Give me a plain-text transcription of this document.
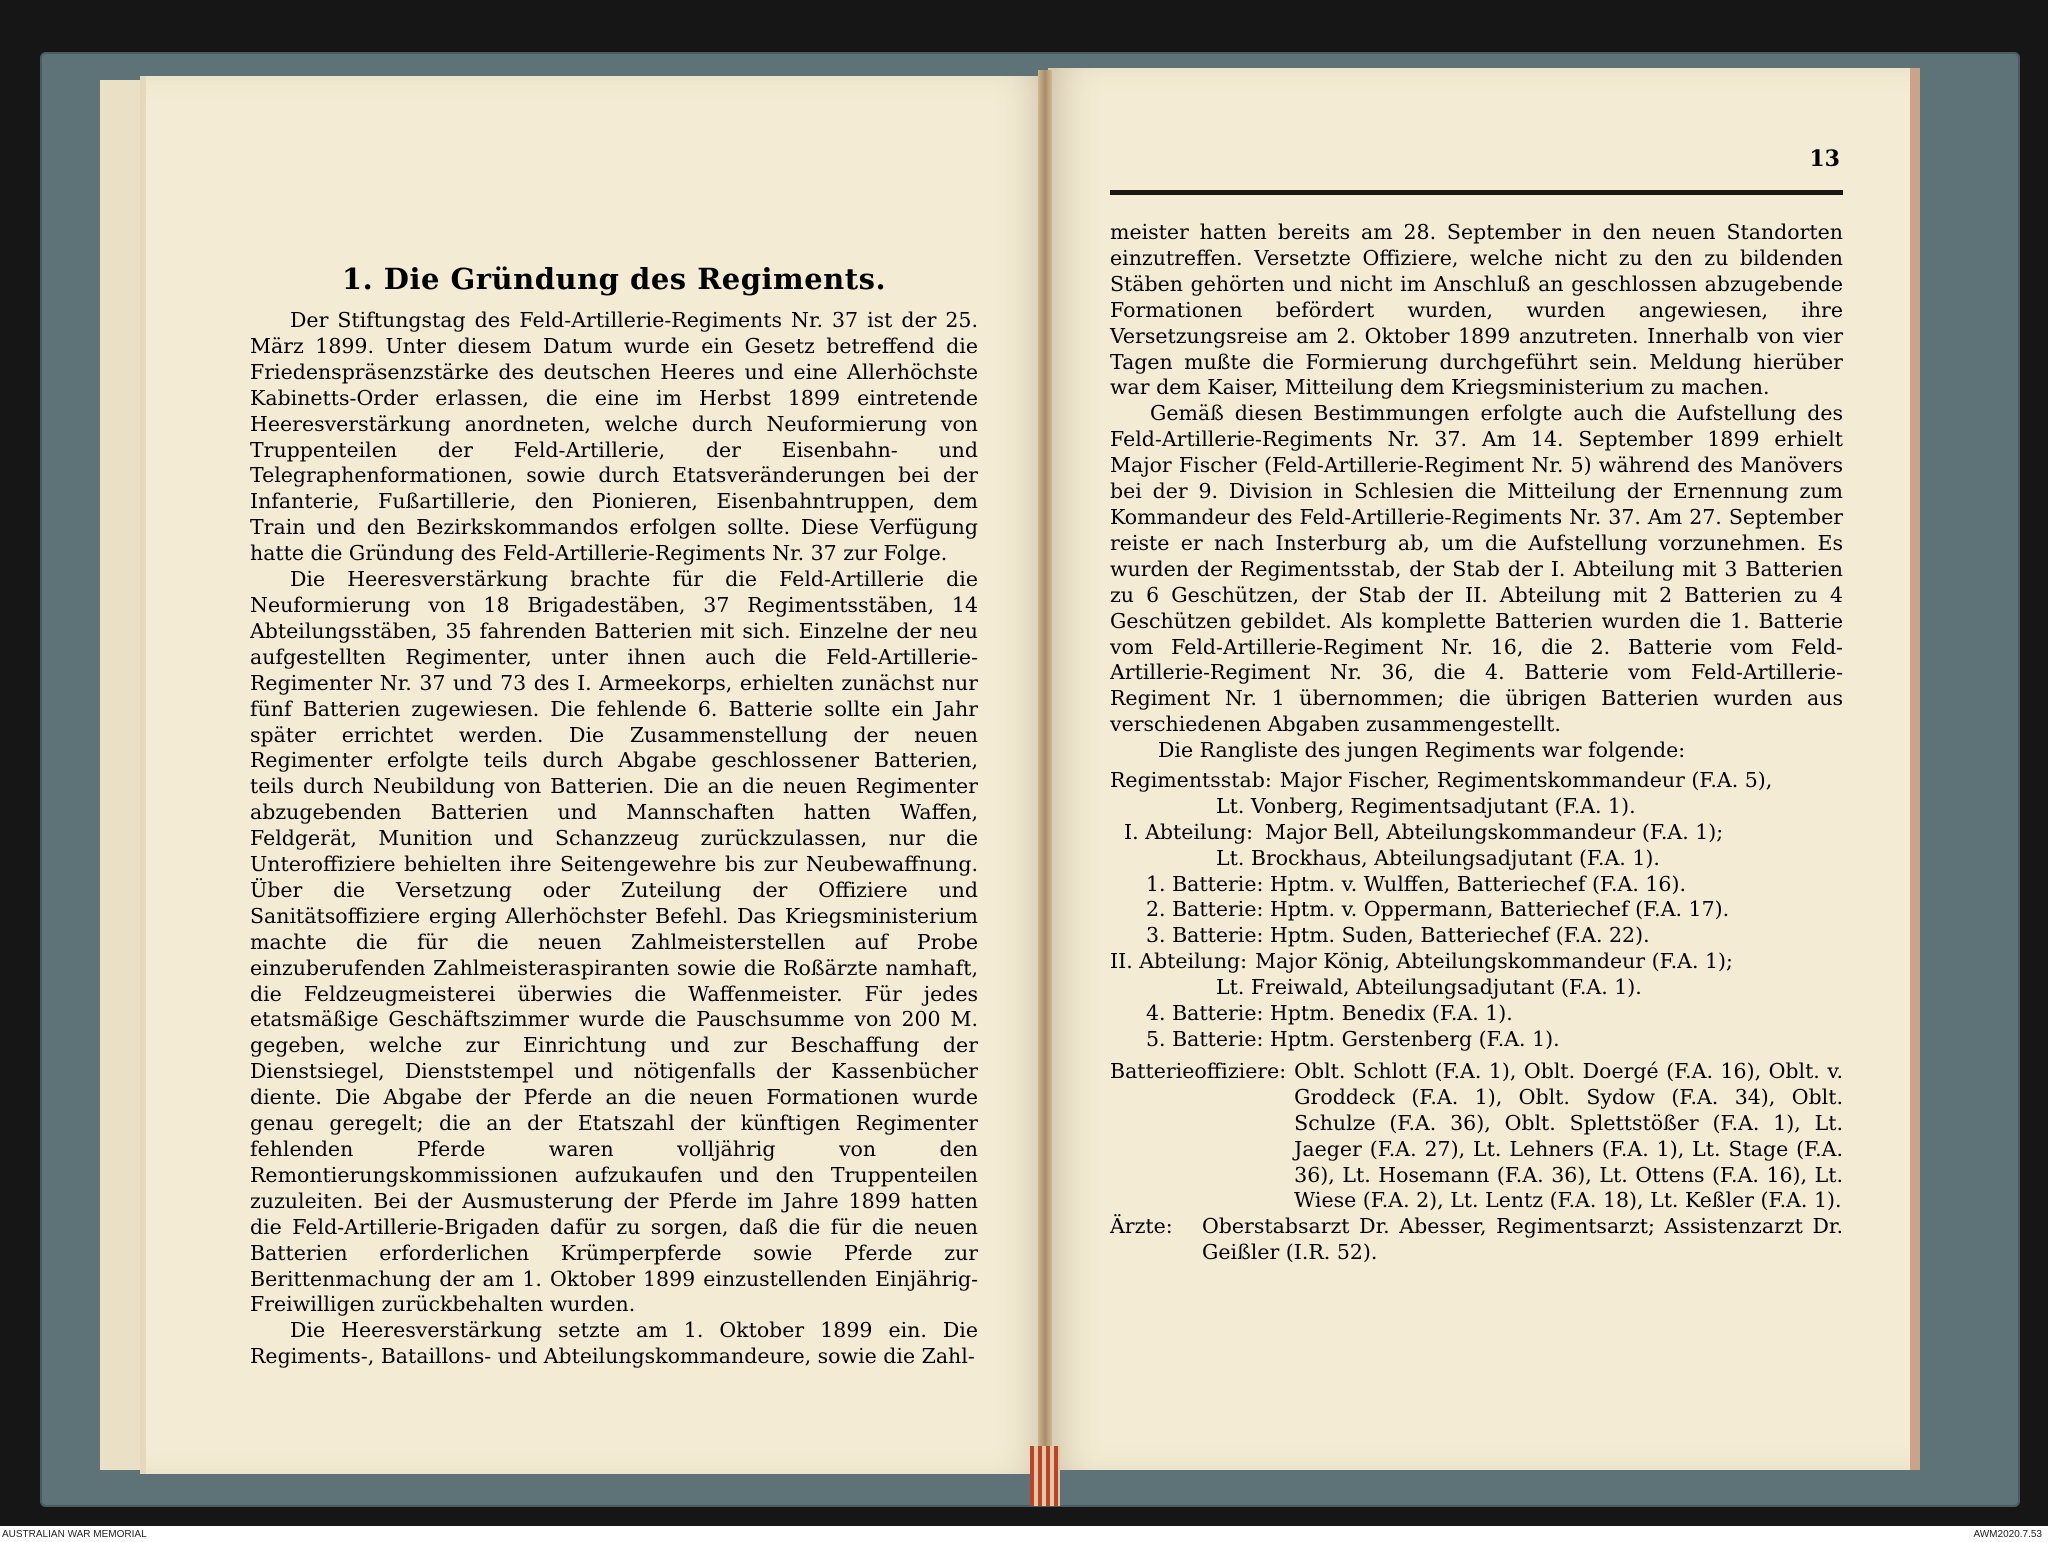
1. Die Gründung des Regiments.

Der Stiftungstag des Feld-Artillerie-Regiments Nr. 37 ist der 25. März 1899. Unter diesem Datum wurde ein Gesetz betreffend die Friedenspräsenzstärke des deutschen Heeres und eine Allerhöchste Kabinetts-Order erlassen, die eine im Herbst 1899 eintretende Heeresverstärkung anordneten, welche durch Neuformierung von Truppenteilen der Feld-Artillerie, der Eisenbahn- und Telegraphenformationen, sowie durch Etatsveränderungen bei der Infanterie, Fußartillerie, den Pionieren, Eisenbahntruppen, dem Train und den Bezirkskommandos erfolgen sollte. Diese Verfügung hatte die Gründung des Feld-Artillerie-Regiments Nr. 37 zur Folge.

Die Heeresverstärkung brachte für die Feld-Artillerie die Neuformierung von 18 Brigadestäben, 37 Regimentsstäben, 14 Abteilungsstäben, 35 fahrenden Batterien mit sich. Einzelne der neu aufgestellten Regimenter, unter ihnen auch die Feld-Artillerie-Regimenter Nr. 37 und 73 des I. Armeekorps, erhielten zunächst nur fünf Batterien zugewiesen. Die fehlende 6. Batterie sollte ein Jahr später errichtet werden. Die Zusammenstellung der neuen Regimenter erfolgte teils durch Abgabe geschlossener Batterien, teils durch Neubildung von Batterien. Die an die neuen Regimenter abzugebenden Batterien und Mannschaften hatten Waffen, Feldgerät, Munition und Schanzzeug zurückzulassen, nur die Unteroffiziere behielten ihre Seitengewehre bis zur Neubewaffnung. Über die Versetzung oder Zuteilung der Offiziere und Sanitätsoffiziere erging Allerhöchster Befehl. Das Kriegsministerium machte die für die neuen Zahlmeisterstellen auf Probe einzuberufenden Zahlmeisteraspiranten sowie die Roßärzte namhaft, die Feldzeugmeisterei überwies die Waffenmeister. Für jedes etatsmäßige Geschäftszimmer wurde die Pauschsumme von 200 M. gegeben, welche zur Einrichtung und zur Beschaffung der Dienstsiegel, Dienststempel und nötigenfalls der Kassenbücher diente. Die Abgabe der Pferde an die neuen Formationen wurde genau geregelt; die an der Etatszahl der künftigen Regimenter fehlenden Pferde waren volljährig von den Remontierungskommissionen aufzukaufen und den Truppenteilen zuzuleiten. Bei der Ausmusterung der Pferde im Jahre 1899 hatten die Feld-Artillerie-Brigaden dafür zu sorgen, daß die für die neuen Batterien erforderlichen Krümperpferde sowie Pferde zur Berittenmachung der am 1. Oktober 1899 einzustellenden Einjährig-Freiwilligen zurückbehalten wurden.

Die Heeresverstärkung setzte am 1. Oktober 1899 ein. Die Regiments-, Bataillons- und Abteilungskommandeure, sowie die Zahl-

13

meister hatten bereits am 28. September in den neuen Standorten einzutreffen. Versetzte Offiziere, welche nicht zu den zu bildenden Stäben gehörten und nicht im Anschluß an geschlossen abzugebende Formationen befördert wurden, wurden angewiesen, ihre Versetzungsreise am 2. Oktober 1899 anzutreten. Innerhalb von vier Tagen mußte die Formierung durchgeführt sein. Meldung hierüber war dem Kaiser, Mitteilung dem Kriegsministerium zu machen.

Gemäß diesen Bestimmungen erfolgte auch die Aufstellung des Feld-Artillerie-Regiments Nr. 37. Am 14. September 1899 erhielt Major Fischer (Feld-Artillerie-Regiment Nr. 5) während des Manövers bei der 9. Division in Schlesien die Mitteilung der Ernennung zum Kommandeur des Feld-Artillerie-Regiments Nr. 37. Am 27. September reiste er nach Insterburg ab, um die Aufstellung vorzunehmen. Es wurden der Regimentsstab, der Stab der I. Abteilung mit 3 Batterien zu 6 Geschützen, der Stab der II. Abteilung mit 2 Batterien zu 4 Geschützen gebildet. Als komplette Batterien wurden die 1. Batterie vom Feld-Artillerie-Regiment Nr. 16, die 2. Batterie vom Feld-Artillerie-Regiment Nr. 36, die 4. Batterie vom Feld-Artillerie-Regiment Nr. 1 übernommen; die übrigen Batterien wurden aus verschiedenen Abgaben zusammengestellt.

Die Rangliste des jungen Regiments war folgende:

Regimentsstab: Major Fischer, Regimentskommandeur (F.A. 5),
Lt. Vonberg, Regimentsadjutant (F.A. 1).
I. Abteilung: Major Bell, Abteilungskommandeur (F.A. 1);
Lt. Brockhaus, Abteilungsadjutant (F.A. 1).
1. Batterie: Hptm. v. Wulffen, Batteriechef (F.A. 16).
2. Batterie: Hptm. v. Oppermann, Batteriechef (F.A. 17).
3. Batterie: Hptm. Suden, Batteriechef (F.A. 22).
II. Abteilung: Major König, Abteilungskommandeur (F.A. 1);
Lt. Freiwald, Abteilungsadjutant (F.A. 1).
4. Batterie: Hptm. Benedix (F.A. 1).
5. Batterie: Hptm. Gerstenberg (F.A. 1).
Batterieoffiziere: Oblt. Schlott (F.A. 1), Oblt. Doergé (F.A. 16), Oblt. v. Groddeck (F.A. 1), Oblt. Sydow (F.A. 34), Oblt. Schulze (F.A. 36), Oblt. Splettstößer (F.A. 1), Lt. Jaeger (F.A. 27), Lt. Lehners (F.A. 1), Lt. Stage (F.A. 36), Lt. Hosemann (F.A. 36), Lt. Ottens (F.A. 16), Lt. Wiese (F.A. 2), Lt. Lentz (F.A. 18), Lt. Keßler (F.A. 1).
Ärzte:	Oberstabsarzt Dr. Abesser, Regimentsarzt; Assistenzarzt Dr. Geißler (I.R. 52).
AUSTRALIAN WAR MEMORIAL	AWM2020.7.53
